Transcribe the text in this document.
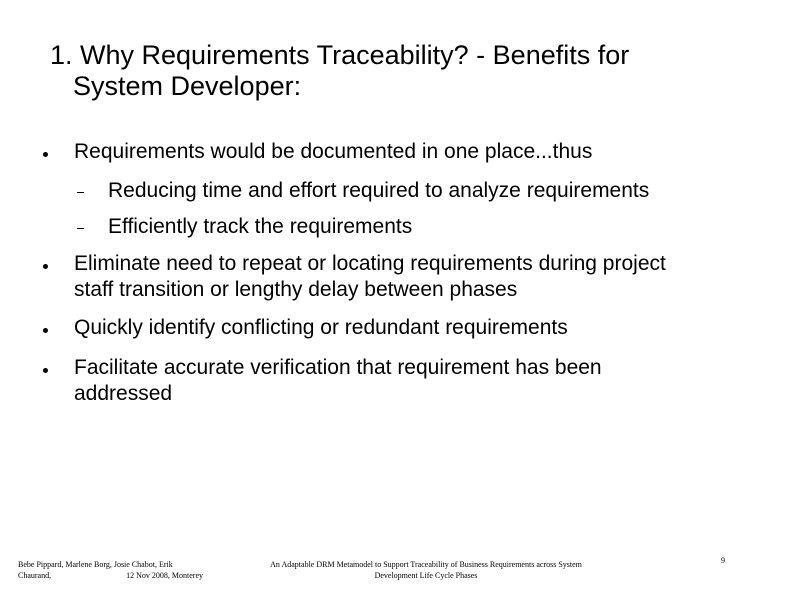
1. Why Requirements Traceability? - Benefits for
System Developer:
Requirements would be documented in one place...thus
Reducing time and effort required to analyze requirements
Efficiently track the requirements
Eliminate need to repeat or locating requirements during project
staff transition or lengthy delay between phases
Quickly identify conflicting or redundant requirements
Facilitate accurate verification that requirement has been
addressed
Bebe Pippard, Marlene Borg, Josie Chabot, Erik
Chaurand,	12 Nov 2008, Monterey
An Adaptable DRM Metamodel to Support Traceability of Business Requirements across System
Development Life Cycle Phases
9
